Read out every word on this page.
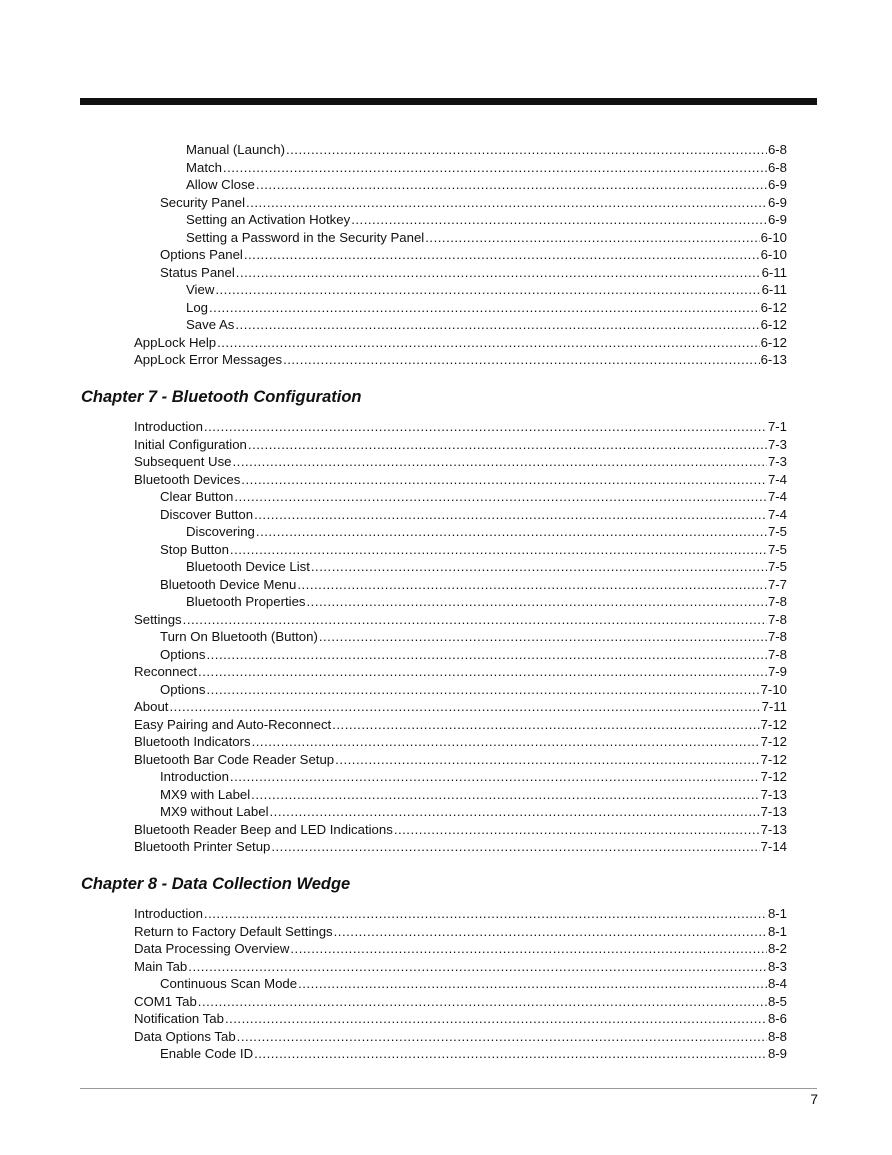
Manual (Launch) .....	6-8
Match .....	6-8
Allow Close .....	6-9
Security Panel .....	6-9
Setting an Activation Hotkey .....	6-9
Setting a Password in the Security Panel .....	6-10
Options Panel .....	6-10
Status Panel .....	6-11
View .....	6-11
Log .....	6-12
Save As .....	6-12
AppLock Help .....	6-12
AppLock Error Messages .....	6-13
Chapter 7 - Bluetooth Configuration
Introduction .....	7-1
Initial Configuration .....	7-3
Subsequent Use .....	7-3
Bluetooth Devices .....	7-4
Clear Button .....	7-4
Discover Button .....	7-4
Discovering .....	7-5
Stop Button .....	7-5
Bluetooth Device List .....	7-5
Bluetooth Device Menu .....	7-7
Bluetooth Properties .....	7-8
Settings .....	7-8
Turn On Bluetooth (Button) .....	7-8
Options .....	7-8
Reconnect .....	7-9
Options .....	7-10
About .....	7-11
Easy Pairing and Auto-Reconnect .....	7-12
Bluetooth Indicators .....	7-12
Bluetooth Bar Code Reader Setup .....	7-12
Introduction .....	7-12
MX9 with Label .....	7-13
MX9 without Label .....	7-13
Bluetooth Reader Beep and LED Indications .....	7-13
Bluetooth Printer Setup .....	7-14
Chapter 8 - Data Collection Wedge
Introduction .....	8-1
Return to Factory Default Settings .....	8-1
Data Processing Overview .....	8-2
Main Tab .....	8-3
Continuous Scan Mode .....	8-4
COM1 Tab .....	8-5
Notification Tab .....	8-6
Data Options Tab .....	8-8
Enable Code ID .....	8-9
7
